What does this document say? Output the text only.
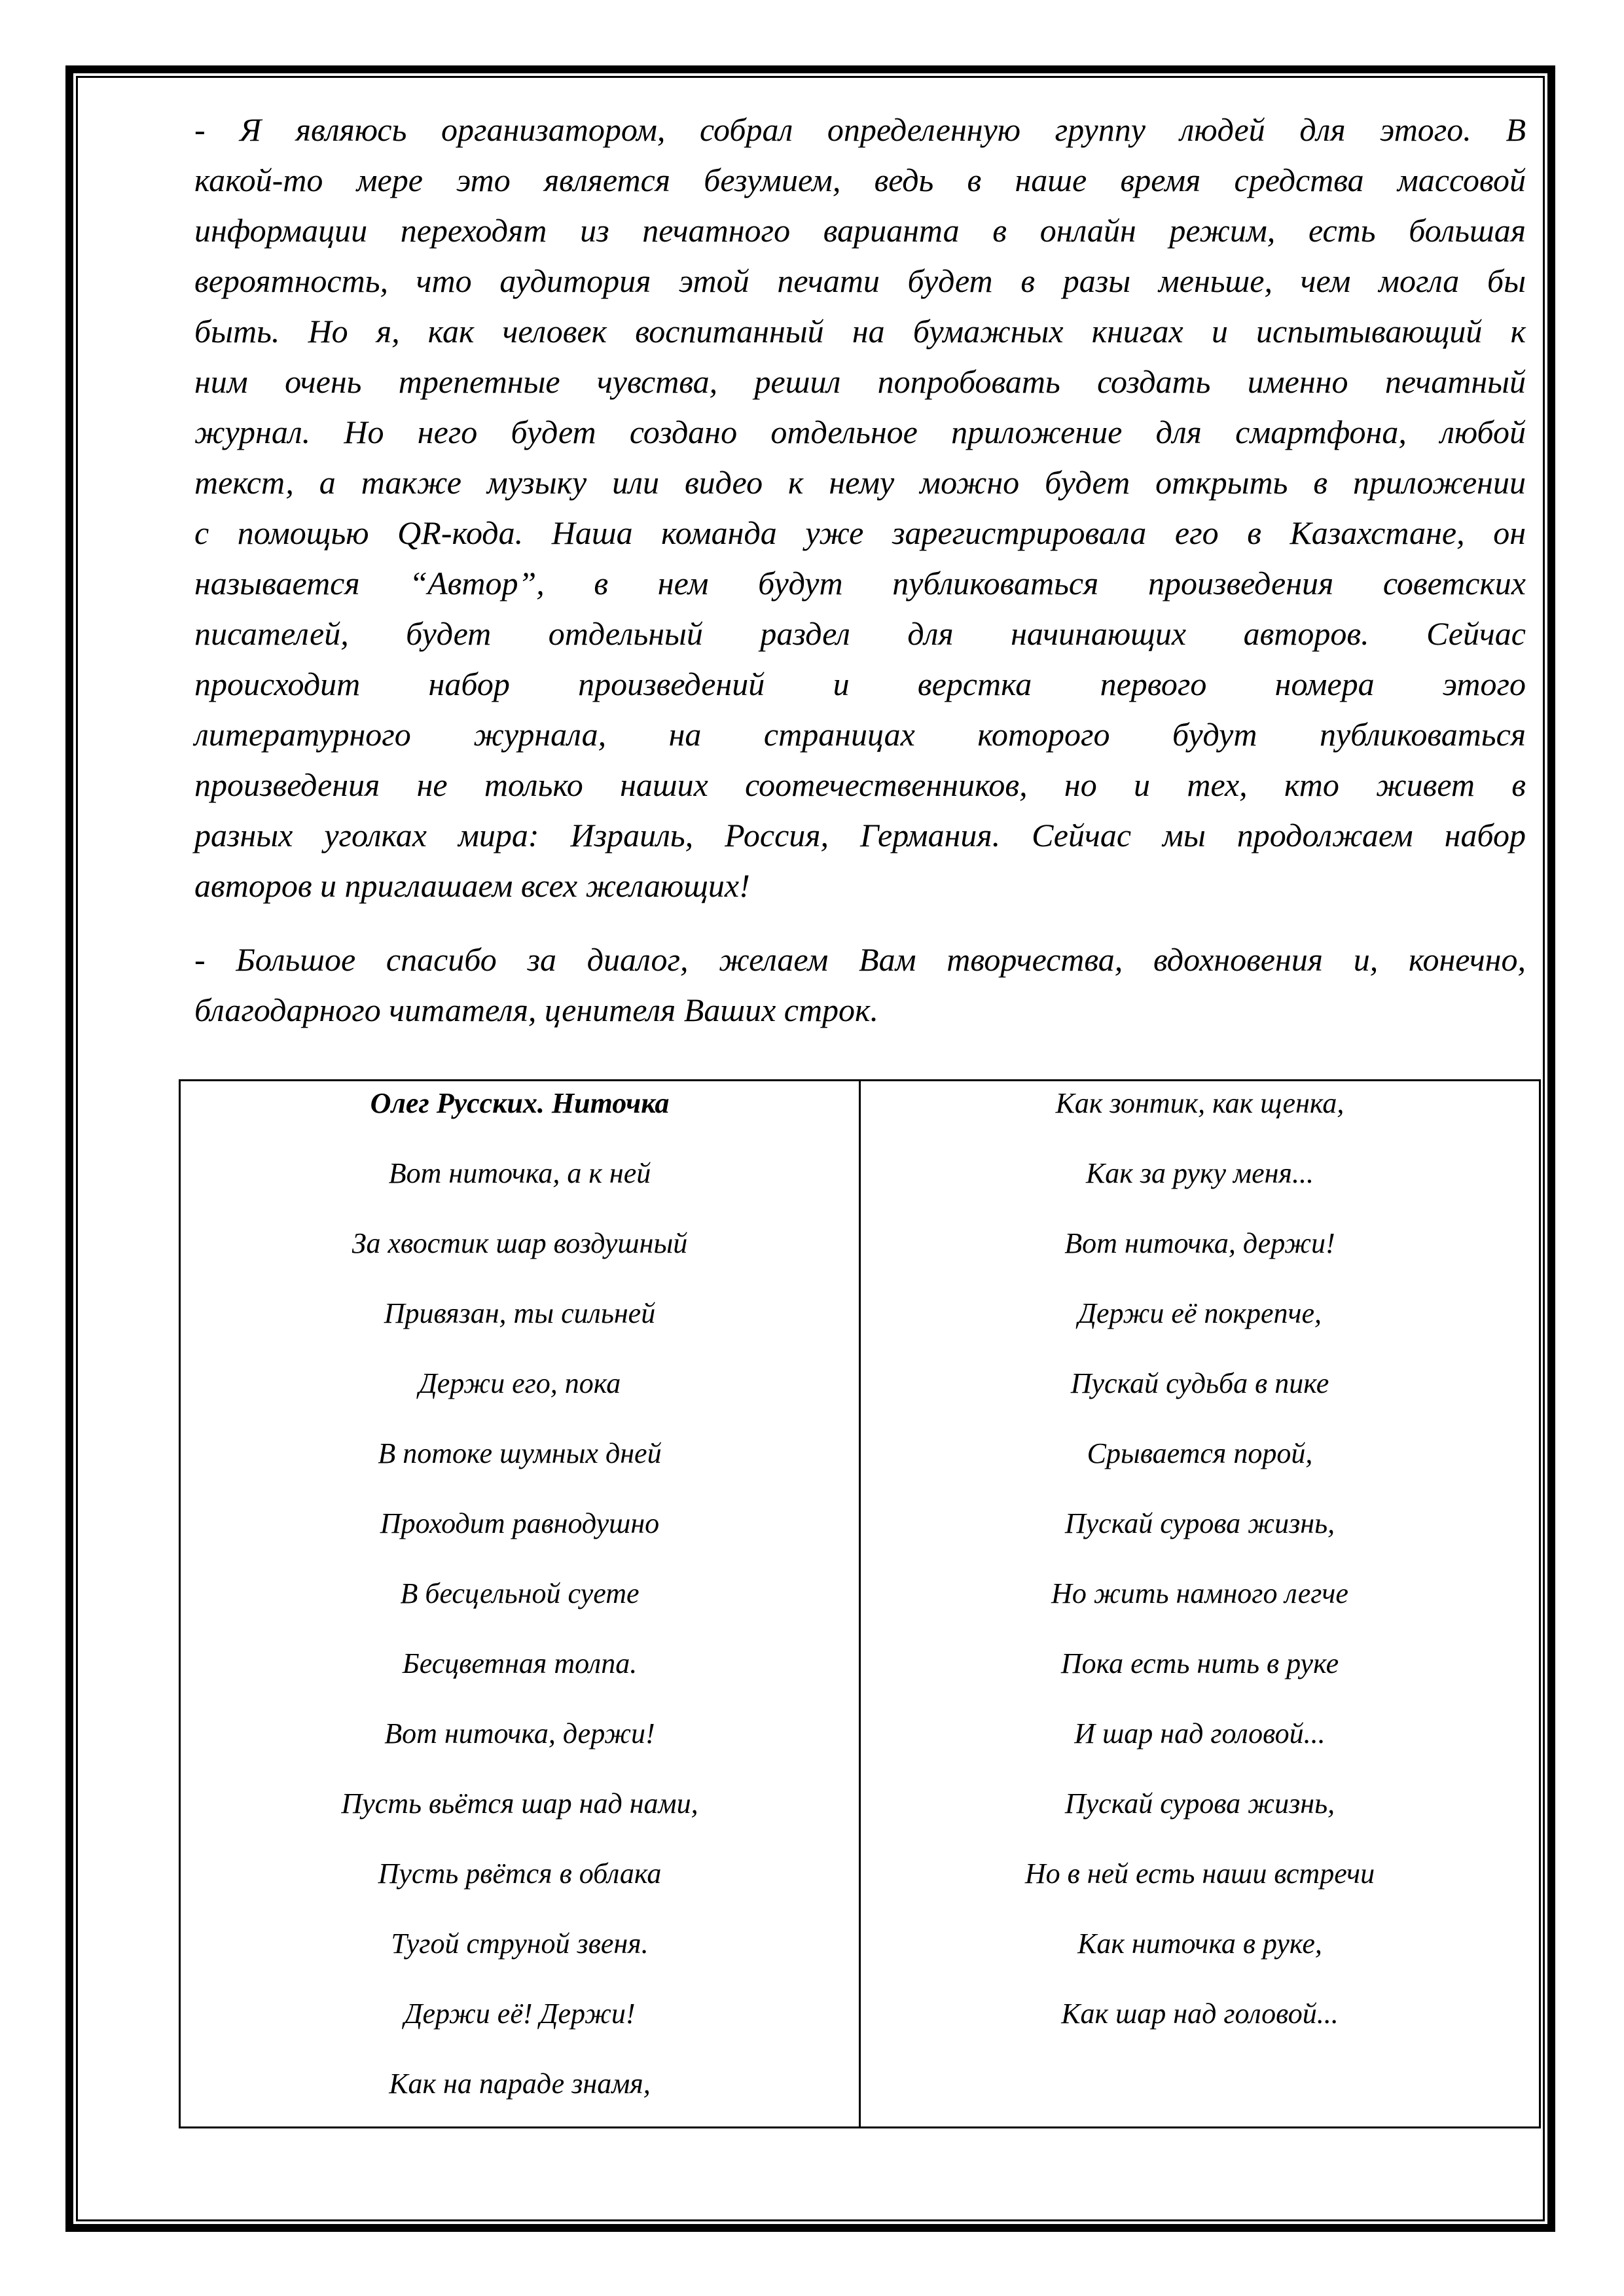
- Я являюсь организатором, собрал определенную группу людей для этого. В
какой-то мере это является безумием, ведь в наше время средства массовой
информации переходят из печатного варианта в онлайн режим, есть большая
вероятность, что аудитория этой печати будет в разы меньше, чем могла бы
быть. Но я, как человек воспитанный на бумажных книгах и испытывающий к
ним очень трепетные чувства, решил попробовать создать именно печатный
журнал. Но него будет создано отдельное приложение для смартфона, любой
текст, а также музыку или видео к нему можно будет открыть в приложении
с помощью QR-кода. Наша команда уже зарегистрировала его в Казахстане, он
называется “Автор”, в нем будут публиковаться произведения советских
писателей, будет отдельный раздел для начинающих авторов. Сейчас
происходит набор произведений и верстка первого номера этого
литературного журнала, на страницах которого будут публиковаться
произведения не только наших соотечественников, но и тех, кто живет в
разных уголках мира: Израиль, Россия, Германия. Сейчас мы продолжаем набор
авторов и приглашаем всех желающих!
- Большое спасибо за диалог, желаем Вам творчества, вдохновения и, конечно,
благодарного читателя, ценителя Ваших строк.
Олег Русских. Ниточка
Вот ниточка, а к ней
За хвостик шар воздушный
Привязан, ты сильней
Держи его, пока
В потоке шумных дней
Проходит равнодушно
В бесцельной суете
Бесцветная толпа.
Вот ниточка, держи!
Пусть вьётся шар над нами,
Пусть рвётся в облака
Тугой струной звеня.
Держи её! Держи!
Как на параде знамя,
Как зонтик, как щенка,
Как за руку меня...
Вот ниточка, держи!
Держи её покрепче,
Пускай судьба в пике
Срывается порой,
Пускай сурова жизнь,
Но жить намного легче
Пока есть нить в руке
И шар над головой...
Пускай сурова жизнь,
Но в ней есть наши встречи
Как ниточка в руке,
Как шар над головой...
